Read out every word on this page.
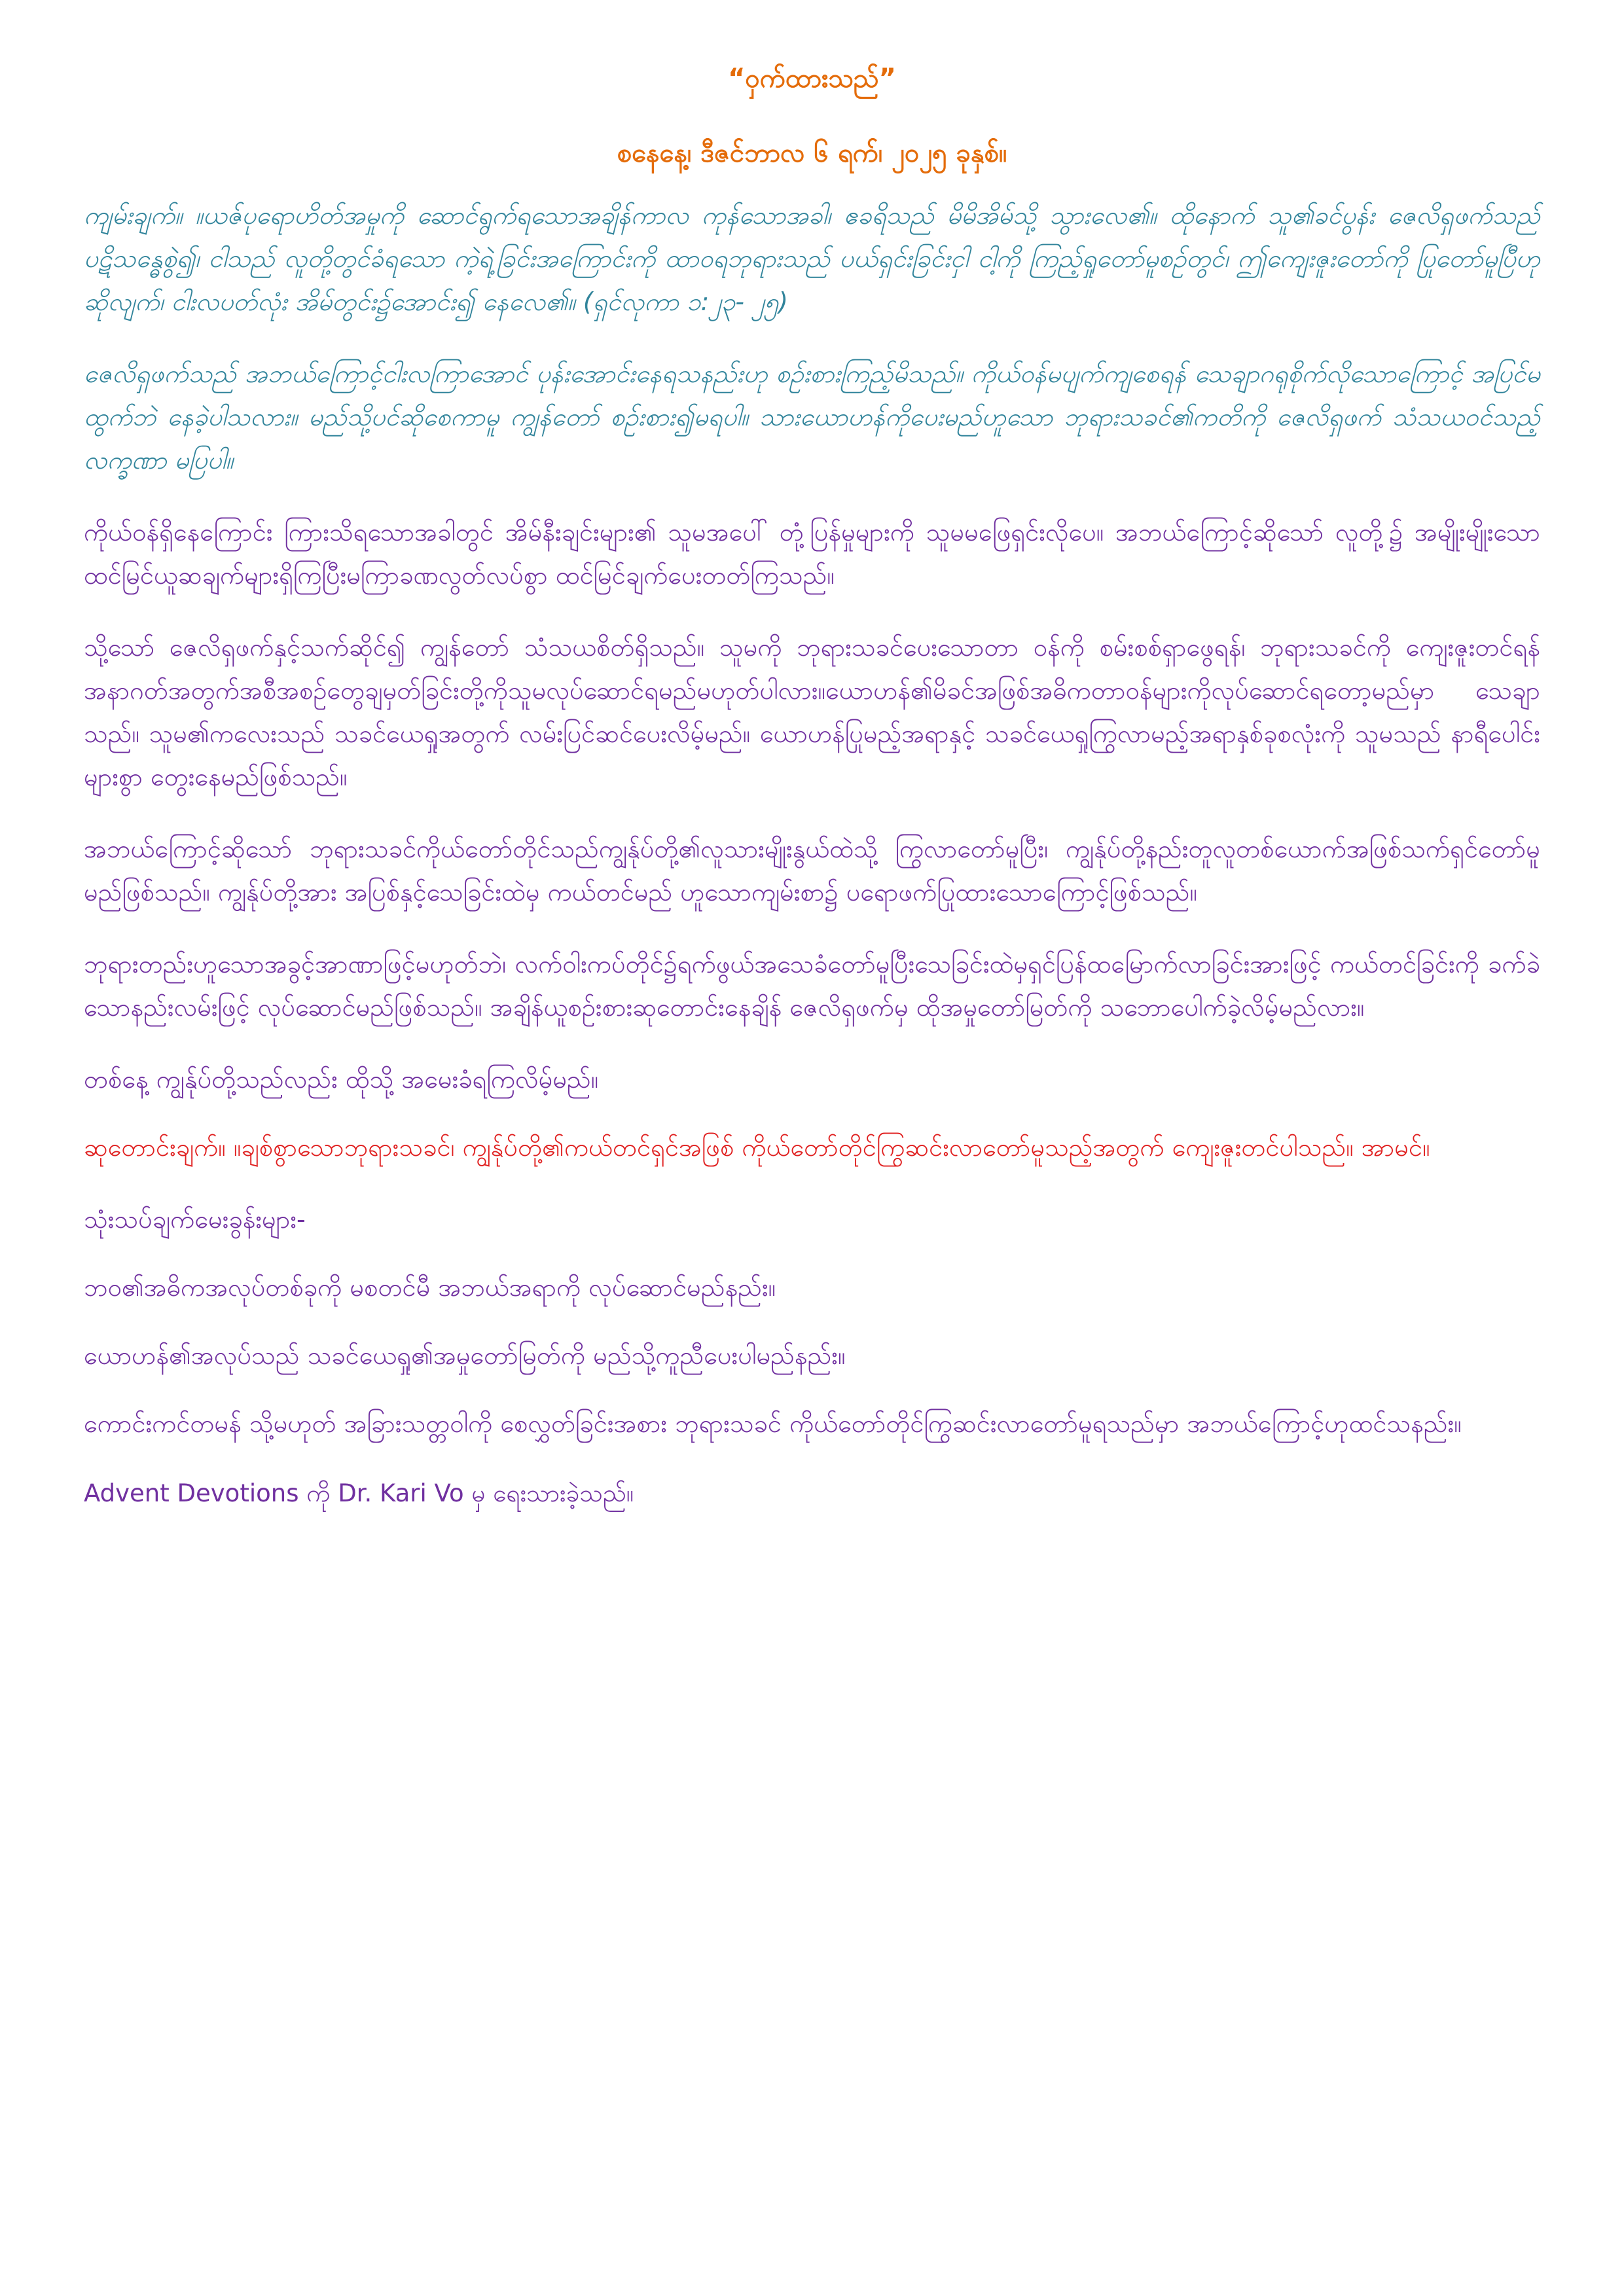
“ဝှက်ထားသည်”
စနေနေ့၊ ဒီဇင်ဘာလ ၆ ရက်၊ ၂၀၂၅ ခုနှစ်။

ကျမ်းချက်။ ။ယဇ်ပုရောဟိတ်အမှုကို ဆောင်ရွက်ရသောအချိန်ကာလ ကုန်သောအခါ၊ ဧခရိသည် မိမိအိမ်သို့ သွားလေ၏။ ထိုနောက် သူ၏ခင်ပွန်း ဇေလိရှဖက်သည် ပဋိသန္ဓေစွဲ၍၊ ငါသည် လူတို့တွင်ခံရသော ကဲ့ရဲ့ခြင်းအကြောင်းကို ထာဝရဘုရားသည် ပယ်ရှင်းခြင်းငှါ ငါ့ကို ကြည့်ရှုတော်မူစဉ်တွင်၊ ဤကျေးဇူးတော်ကို ပြုတော်မူပြီဟုဆိုလျက်၊ ငါးလပတ်လုံး အိမ်တွင်း၌အောင်း၍ နေလေ၏။ (ရှင်လုကာ ၁:၂၃- ၂၅)

ဇေလိရှဖက်သည် အဘယ်ကြောင့်ငါးလကြာအောင် ပုန်းအောင်းနေရသနည်းဟု စဉ်းစားကြည့်မိသည်။ ကိုယ်ဝန်မပျက်ကျစေရန် သေချာဂရုစိုက်လိုသောကြောင့် အပြင်မထွက်ဘဲ နေခဲ့ပါသလား။ မည်သို့ပင်ဆိုစေကာမူ ကျွန်တော် စဉ်းစား၍မရပါ။ သားယောဟန်ကိုပေးမည်ဟူသော ဘုရားသခင်၏ကတိကို ဇေလိရှဖက် သံသယဝင်သည့်လက္ခဏာ မပြပါ။

ကိုယ်ဝန်ရှိနေကြောင်း ကြားသိရသောအခါတွင် အိမ်နီးချင်းများ၏ သူမအပေါ် တုံ့ပြန်မှုများကို သူမမဖြေရှင်းလိုပေ။ အဘယ်ကြောင့်ဆိုသော် လူတို့၌ အမျိုးမျိုးသောထင်မြင်ယူဆချက်များရှိကြပြီးမကြာခဏလွတ်လပ်စွာ ထင်မြင်ချက်ပေးတတ်ကြသည်။

သို့သော် ဇေလိရှဖက်နှင့်သက်ဆိုင်၍ ကျွန်တော် သံသယစိတ်ရှိသည်။ သူမကို ဘုရားသခင်ပေးသောတာ ဝန်ကို စမ်းစစ်ရှာဖွေရန်၊ ဘုရားသခင်ကို ကျေးဇူးတင်ရန်အနာဂတ်အတွက်အစီအစဉ်တွေချမှတ်ခြင်းတို့ကိုသူမလုပ်ဆောင်ရမည်မဟုတ်ပါလား။ယောဟန်၏မိခင်အဖြစ်အဓိကတာဝန်များကိုလုပ်ဆောင်ရတော့မည်မှာ သေချာသည်။ သူမ၏ကလေးသည် သခင်ယေရှုအတွက် လမ်းပြင်ဆင်ပေးလိမ့်မည်။ ယောဟန်ပြုမည့်အရာနှင့် သခင်ယေရှုကြွလာမည့်အရာနှစ်ခုစလုံးကို သူမသည် နာရီပေါင်းများစွာ တွေးနေမည်ဖြစ်သည်။

အဘယ်ကြောင့်ဆိုသော် ဘုရားသခင်ကိုယ်တော်တိုင်သည်ကျွန်ုပ်တို့၏လူသားမျိုးနွယ်ထဲသို့ ကြွလာတော်မူပြီး၊ ကျွန်ုပ်တို့နည်းတူလူတစ်ယောက်အဖြစ်သက်ရှင်တော်မူမည်ဖြစ်သည်။ ကျွန်ုပ်တို့အား အပြစ်နှင့်သေခြင်းထဲမှ ကယ်တင်မည် ဟူသောကျမ်းစာ၌ ပရောဖက်ပြုထားသောကြောင့်ဖြစ်သည်။

ဘုရားတည်းဟူသောအခွင့်အာဏာဖြင့်မဟုတ်ဘဲ၊ လက်ဝါးကပ်တိုင်၌ရက်ဖွယ်အသေခံတော်မူပြီးသေခြင်းထဲမှရှင်ပြန်ထမြောက်လာခြင်းအားဖြင့် ကယ်တင်ခြင်းကို ခက်ခဲသောနည်းလမ်းဖြင့် လုပ်ဆောင်မည်ဖြစ်သည်။ အချိန်ယူစဉ်းစားဆုတောင်းနေချိန် ဇေလိရှဖက်မှ ထိုအမှုတော်မြတ်ကို သဘောပေါက်ခဲ့လိမ့်မည်လား။

တစ်နေ့ ကျွန်ုပ်တို့သည်လည်း ထိုသို့ အမေးခံရကြလိမ့်မည်။

ဆုတောင်းချက်။ ။ချစ်စွာသောဘုရားသခင်၊ ကျွန်ုပ်တို့၏ကယ်တင်ရှင်အဖြစ် ကိုယ်တော်တိုင်ကြွဆင်းလာတော်မူသည့်အတွက် ကျေးဇူးတင်ပါသည်။ အာမင်။

သုံးသပ်ချက်မေးခွန်းများ-

ဘဝ၏အဓိကအလုပ်တစ်ခုကို မစတင်မီ အဘယ်အရာကို လုပ်ဆောင်မည်နည်း။

ယောဟန်၏အလုပ်သည် သခင်ယေရှု၏အမှုတော်မြတ်ကို မည်သို့ကူညီပေးပါမည်နည်း။

ကောင်းကင်တမန် သို့မဟုတ် အခြားသတ္တဝါကို စေလွှတ်ခြင်းအစား ဘုရားသခင် ကိုယ်တော်တိုင်ကြွဆင်းလာတော်မူရသည်မှာ အဘယ်ကြောင့်ဟုထင်သနည်း။

Advent Devotions ကို Dr. Kari Vo မှ ရေးသားခဲ့သည်။
